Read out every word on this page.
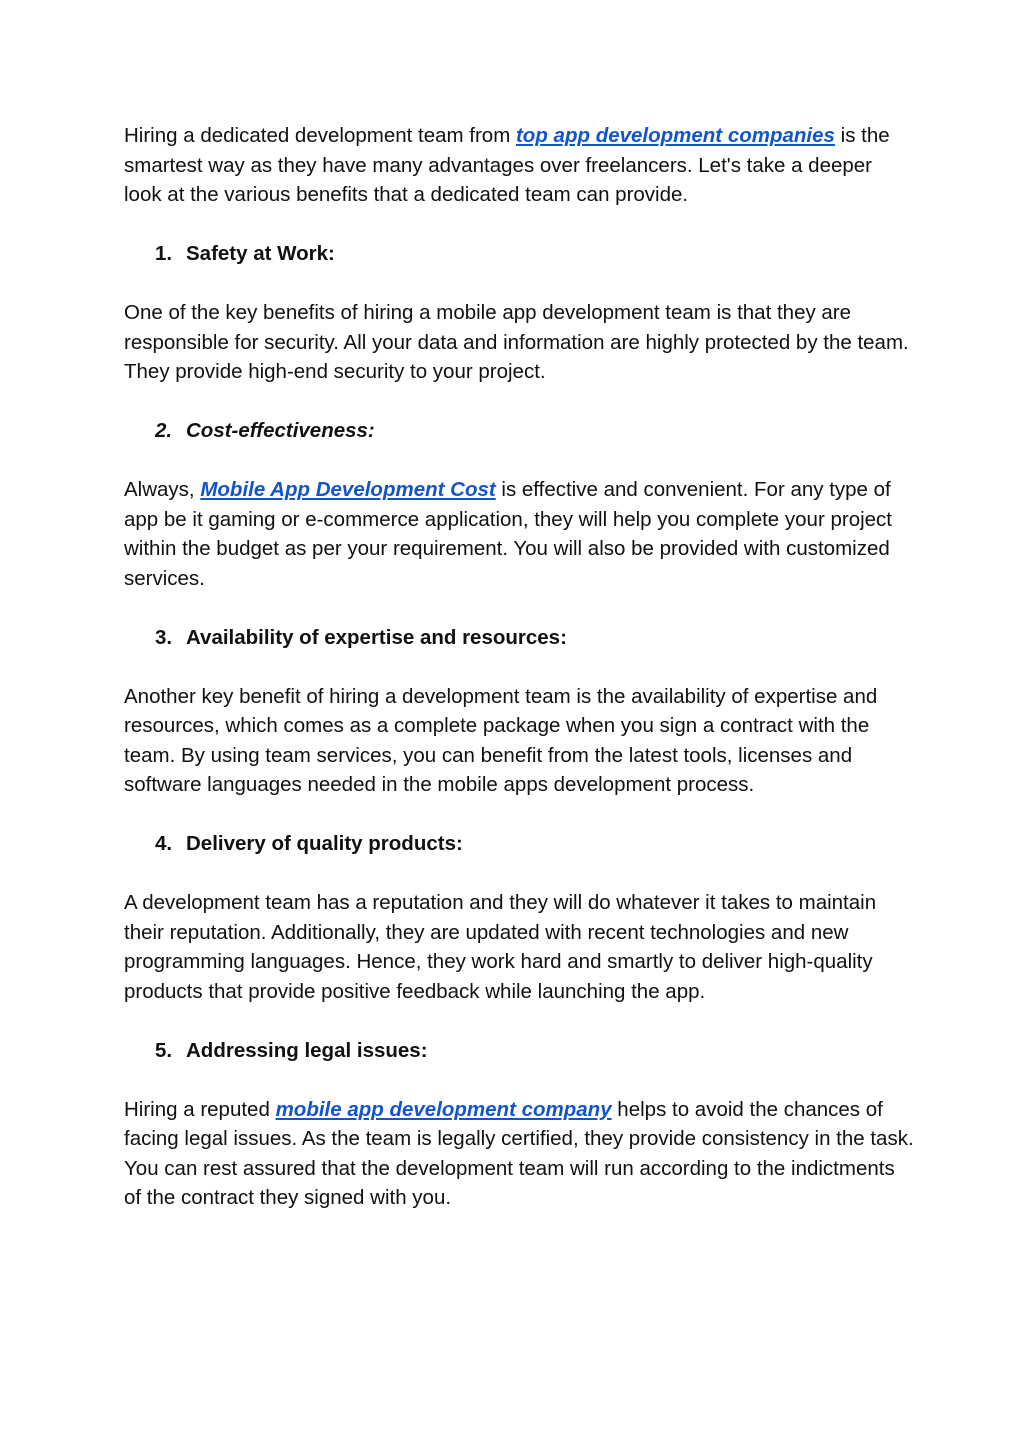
Hiring a dedicated development team from top app development companies is the smartest way as they have many advantages over freelancers. Let's take a deeper look at the various benefits that a dedicated team can provide.

1. Safety at Work:

One of the key benefits of hiring a mobile app development team is that they are responsible for security. All your data and information are highly protected by the team. They provide high-end security to your project.

2. Cost-effectiveness:

Always, Mobile App Development Cost is effective and convenient. For any type of app be it gaming or e-commerce application, they will help you complete your project within the budget as per your requirement. You will also be provided with customized services.

3. Availability of expertise and resources:

Another key benefit of hiring a development team is the availability of expertise and resources, which comes as a complete package when you sign a contract with the team. By using team services, you can benefit from the latest tools, licenses and software languages needed in the mobile apps development process.

4. Delivery of quality products:

A development team has a reputation and they will do whatever it takes to maintain their reputation. Additionally, they are updated with recent technologies and new programming languages. Hence, they work hard and smartly to deliver high-quality products that provide positive feedback while launching the app.

5. Addressing legal issues:

Hiring a reputed mobile app development company helps to avoid the chances of facing legal issues. As the team is legally certified, they provide consistency in the task. You can rest assured that the development team will run according to the indictments of the contract they signed with you.
